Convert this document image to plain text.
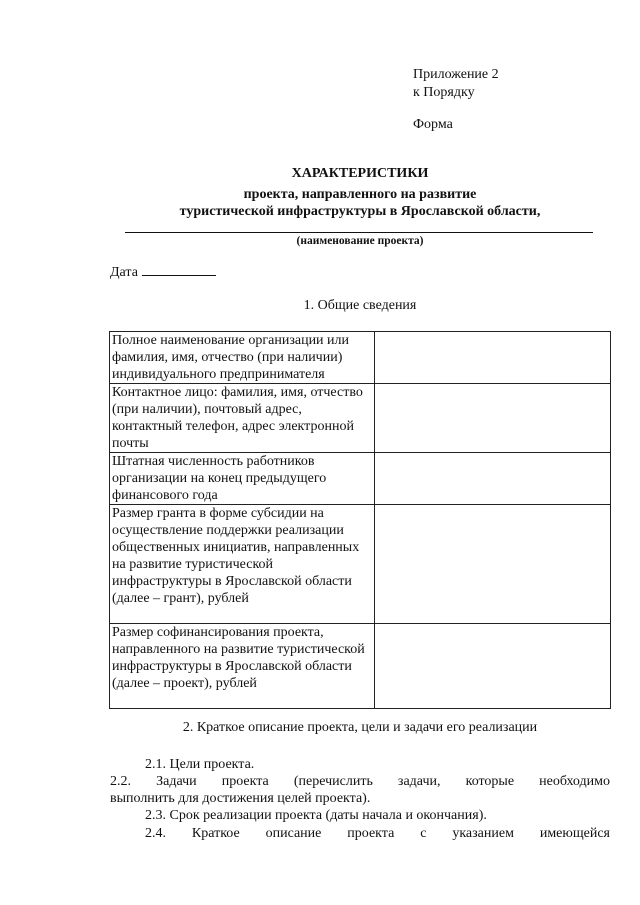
Приложение 2
к Порядку
Форма
ХАРАКТЕРИСТИКИ
проекта, направленного на развитие
туристической инфраструктуры в Ярославской области,
(наименование проекта)
Дата
1. Общие сведения
Полное наименование организации или фамилия, имя, отчество (при наличии) индивидуального предпринимателя	
Контактное лицо: фамилия, имя, отчество (при наличии), почтовый адрес, контактный телефон, адрес электронной почты	
Штатная численность работников организации на конец предыдущего финансового года	
Размер гранта в форме субсидии на осуществление поддержки реализации общественных инициатив, направленных на развитие туристической инфраструктуры в Ярославской области (далее – грант), рублей	
Размер софинансирования проекта, направленного на развитие туристической инфраструктуры в Ярославской области (далее – проект), рублей	
2. Краткое описание проекта, цели и задачи его реализации
2.1. Цели проекта.
2.2. Задачи проекта (перечислить задачи, которые необходимо
выполнить для достижения целей проекта).
2.3. Срок реализации проекта (даты начала и окончания).
2.4. Краткое описание проекта с указанием имеющейся
